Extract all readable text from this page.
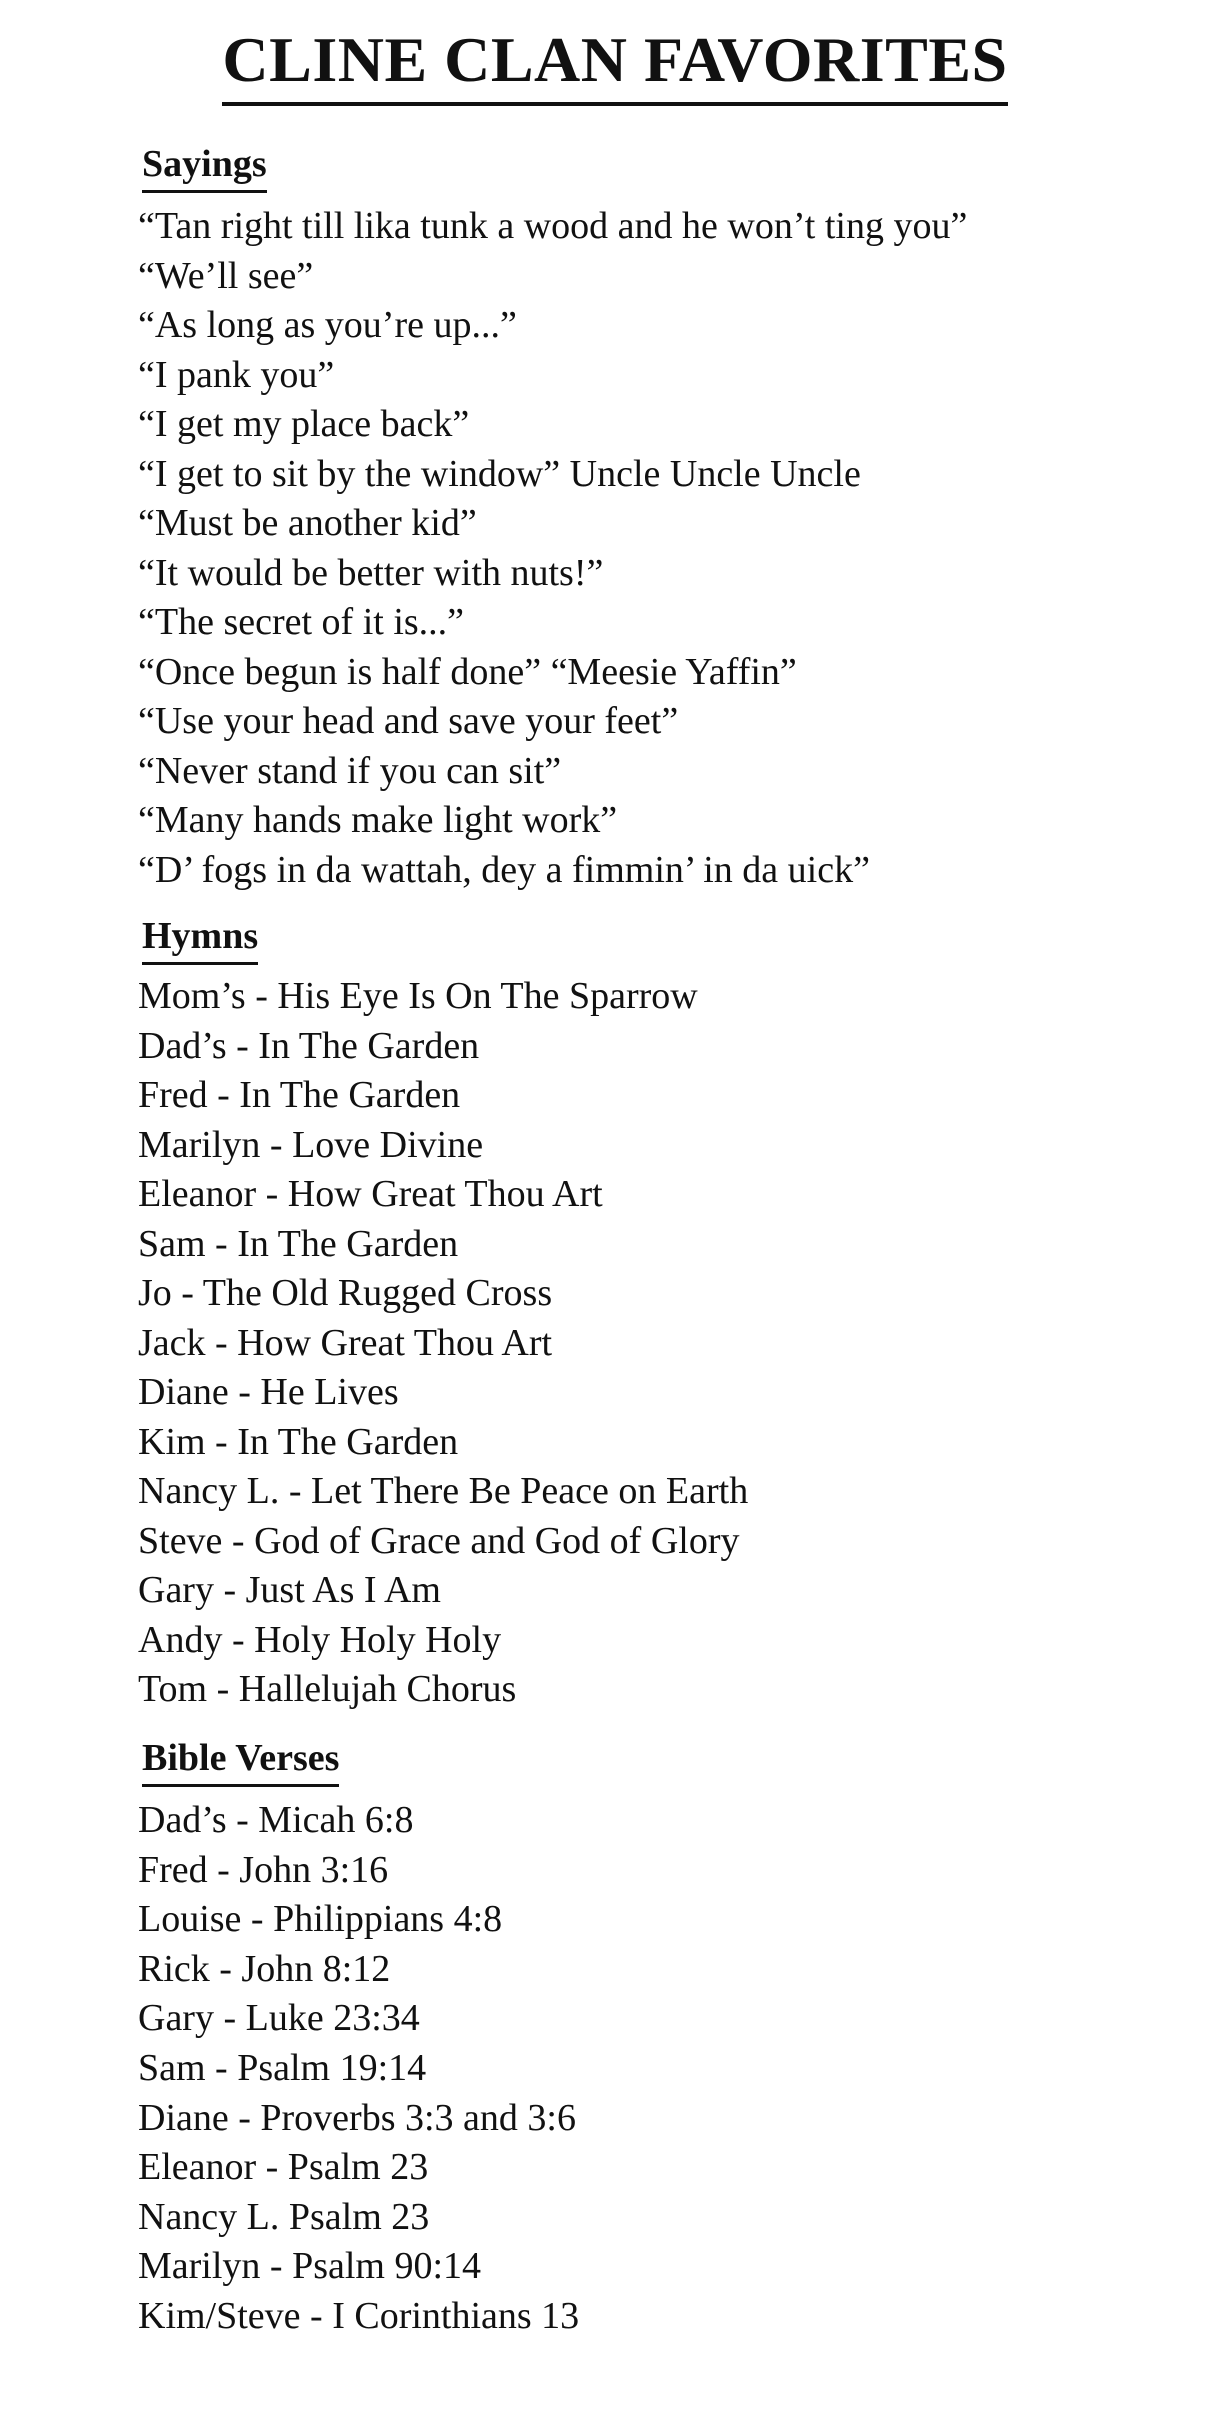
CLINE CLAN FAVORITES
Sayings
“Tan right till lika tunk a wood and he won’t ting you”
“We’ll see”
“As long as you’re up...”
“I pank you”
“I get my place back”
“I get to sit by the window” Uncle Uncle Uncle
“Must be another kid”
“It would be better with nuts!”
“The secret of it is...”
“Once begun is half done” “Meesie Yaffin”
“Use your head and save your feet”
“Never stand if you can sit”
“Many hands make light work”
“D’ fogs in da wattah, dey a fimmin’ in da uick”
Hymns
Mom’s - His Eye Is On The Sparrow
Dad’s - In The Garden
Fred - In The Garden
Marilyn - Love Divine
Eleanor - How Great Thou Art
Sam - In The Garden
Jo - The Old Rugged Cross
Jack - How Great Thou Art
Diane - He Lives
Kim - In The Garden
Nancy L. - Let There Be Peace on Earth
Steve - God of Grace and God of Glory
Gary - Just As I Am
Andy - Holy Holy Holy
Tom - Hallelujah Chorus
Bible Verses
Dad’s - Micah 6:8
Fred - John 3:16
Louise - Philippians 4:8
Rick - John 8:12
Gary - Luke 23:34
Sam - Psalm 19:14
Diane - Proverbs 3:3 and 3:6
Eleanor - Psalm 23
Nancy L. Psalm 23
Marilyn - Psalm 90:14
Kim/Steve - I Corinthians 13
